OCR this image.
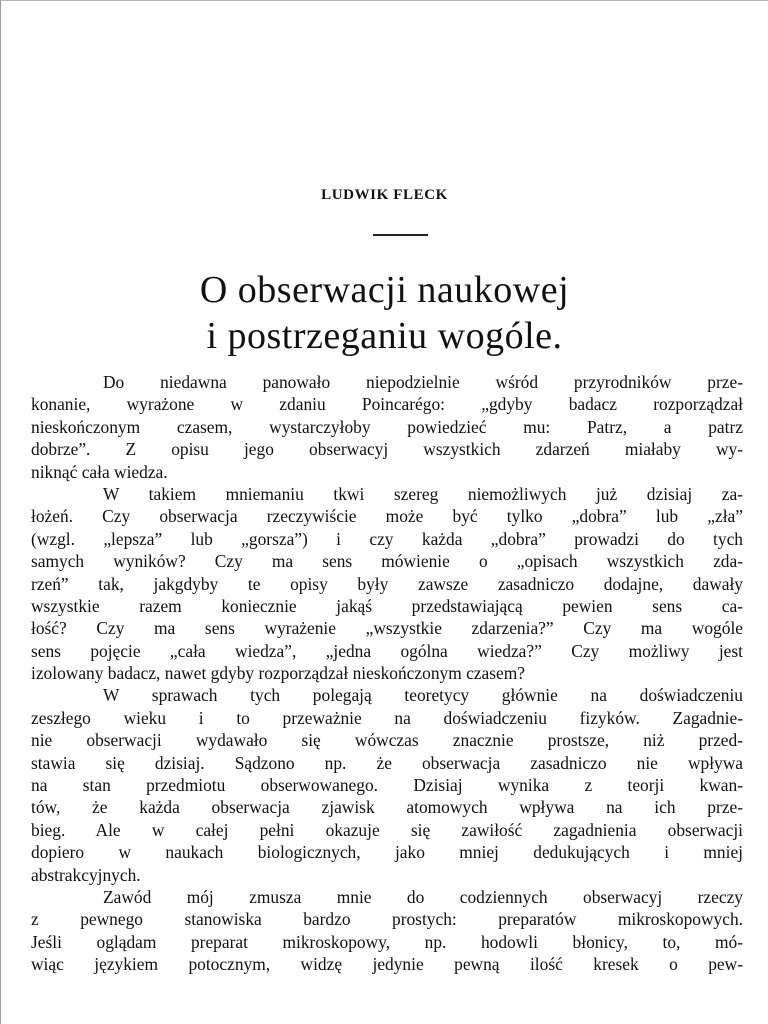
LUDWIK FLECK
O obserwacji naukowej
i postrzeganiu wogóle.
Do niedawna panowało niepodzielnie wśród przyrodników prze-
konanie, wyrażone w zdaniu Poincarégo: „gdyby badacz rozporządzał
nieskończonym czasem, wystarczyłoby powiedzieć mu: Patrz, a patrz
dobrze”. Z opisu jego obserwacyj wszystkich zdarzeń miałaby wy-
niknąć cała wiedza.
W takiem mniemaniu tkwi szereg niemożliwych już dzisiaj za-
łożeń. Czy obserwacja rzeczywiście może być tylko „dobra” lub „zła”
(wzgl. „lepsza” lub „gorsza”) i czy każda „dobra” prowadzi do tych
samych wyników? Czy ma sens mówienie o „opisach wszystkich zda-
rzeń” tak, jakgdyby te opisy były zawsze zasadniczo dodajne, dawały
wszystkie razem koniecznie jakąś przedstawiającą pewien sens ca-
łość? Czy ma sens wyrażenie „wszystkie zdarzenia?” Czy ma wogóle
sens pojęcie „cała wiedza”, „jedna ogólna wiedza?” Czy możliwy jest
izolowany badacz, nawet gdyby rozporządzał nieskończonym czasem?
W sprawach tych polegają teoretycy głównie na doświadczeniu
zeszłego wieku i to przeważnie na doświadczeniu fizyków. Zagadnie-
nie obserwacji wydawało się wówczas znacznie prostsze, niż przed-
stawia się dzisiaj. Sądzono np. że obserwacja zasadniczo nie wpływa
na stan przedmiotu obserwowanego. Dzisiaj wynika z teorji kwan-
tów, że każda obserwacja zjawisk atomowych wpływa na ich prze-
bieg. Ale w całej pełni okazuje się zawiłość zagadnienia obserwacji
dopiero w naukach biologicznych, jako mniej dedukujących i mniej
abstrakcyjnych.
Zawód mój zmusza mnie do codziennych obserwacyj rzeczy
z pewnego stanowiska bardzo prostych: preparatów mikroskopowych.
Jeśli oglądam preparat mikroskopowy, np. hodowli błonicy, to, mó-
wiąc językiem potocznym, widzę jedynie pewną ilość kresek o pew-
